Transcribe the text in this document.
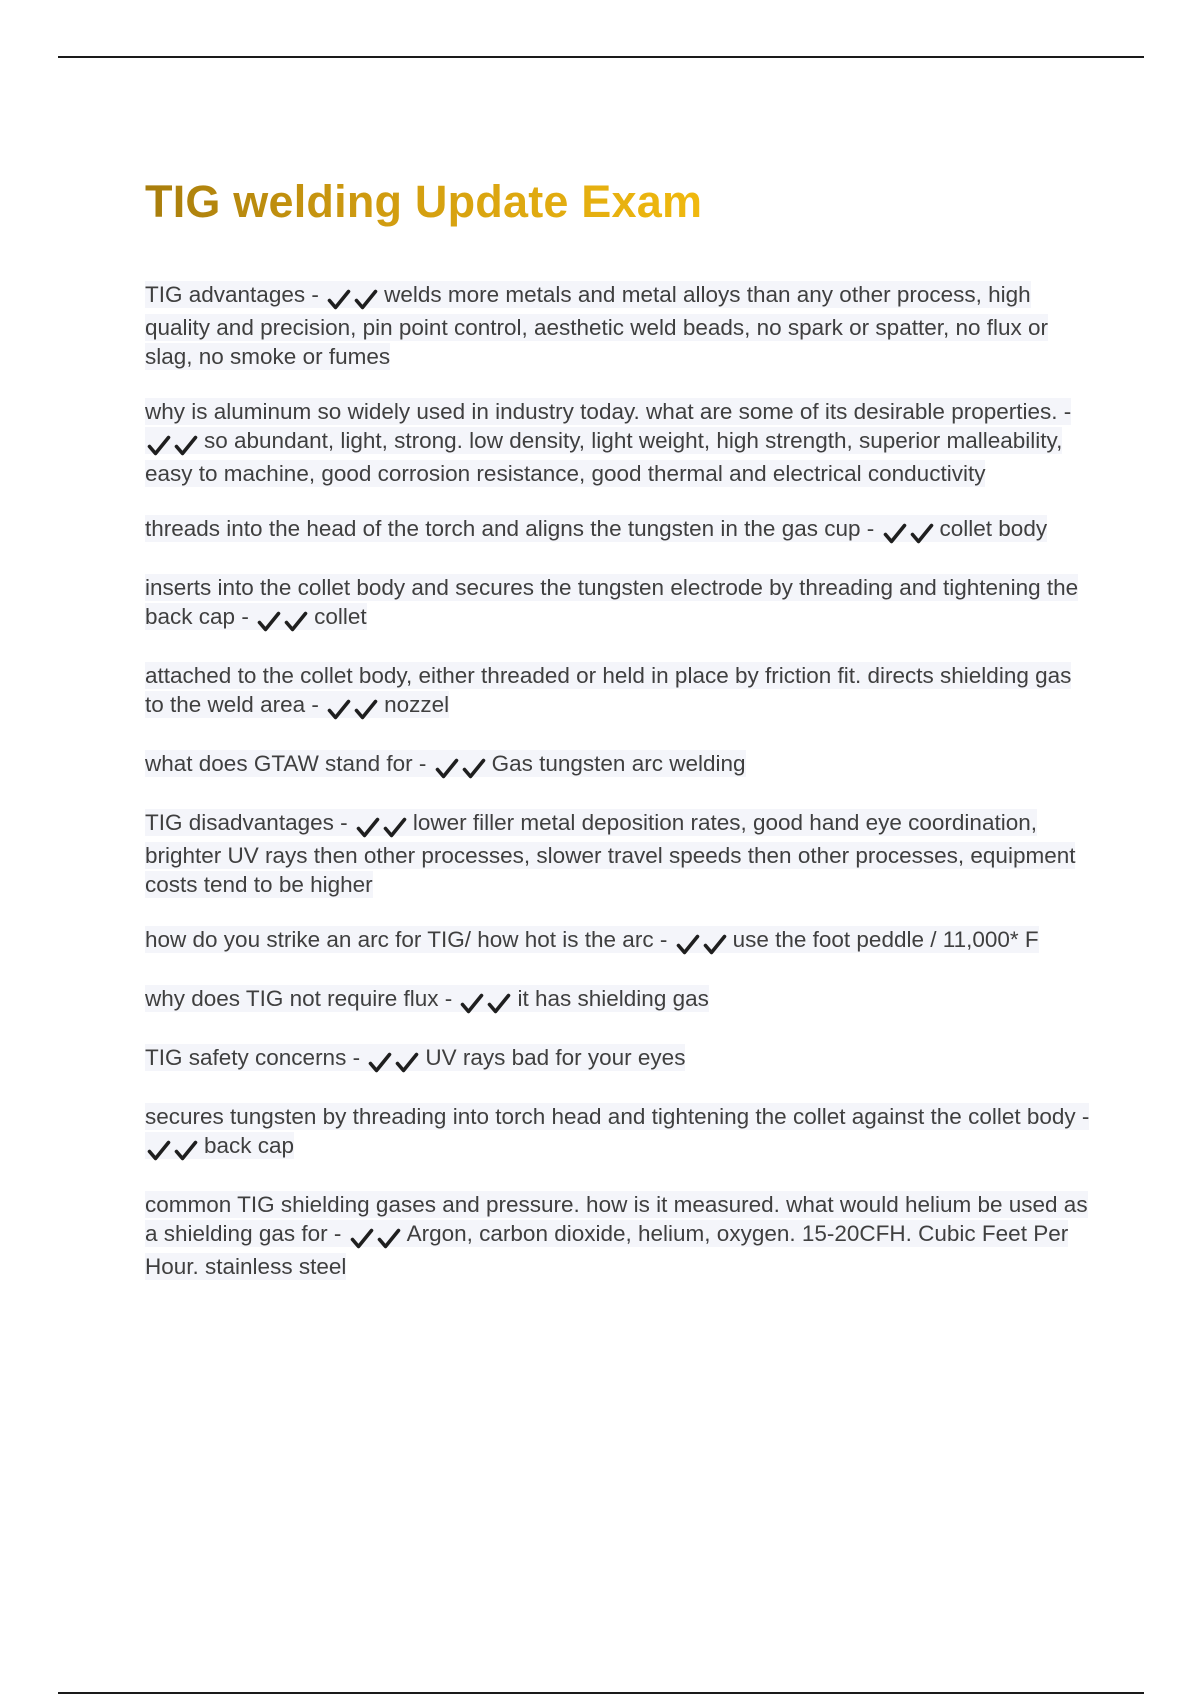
TIG welding Update Exam
TIG advantages -	welds more metals and metal alloys than any other process, high quality and precision, pin point control, aesthetic weld beads, no spark or spatter, no flux or slag, no smoke or fumes
why is aluminum so widely used in industry today. what are some of its desirable properties. - so abundant, light, strong. low density, light weight, high strength, superior malleability, easy to machine, good corrosion resistance, good thermal and electrical conductivity
threads into the head of the torch and aligns the tungsten in the gas cup -	collet body
inserts into the collet body and secures the tungsten electrode by threading and tightening the back cap -	collet
attached to the collet body, either threaded or held in place by friction fit. directs shielding gas to the weld area -	nozzel
what does GTAW stand for -	Gas tungsten arc welding
TIG disadvantages -	lower filler metal deposition rates, good hand eye coordination, brighter UV rays then other processes, slower travel speeds then other processes, equipment costs tend to be higher
how do you strike an arc for TIG/ how hot is the arc -	use the foot peddle / 11,000* F
why does TIG not require flux -	it has shielding gas
TIG safety concerns -	UV rays bad for your eyes
secures tungsten by threading into torch head and tightening the collet against the collet body - back cap
common TIG shielding gases and pressure. how is it measured. what would helium be used as a shielding gas for -	Argon, carbon dioxide, helium, oxygen. 15-20CFH. Cubic Feet Per Hour. stainless steel
